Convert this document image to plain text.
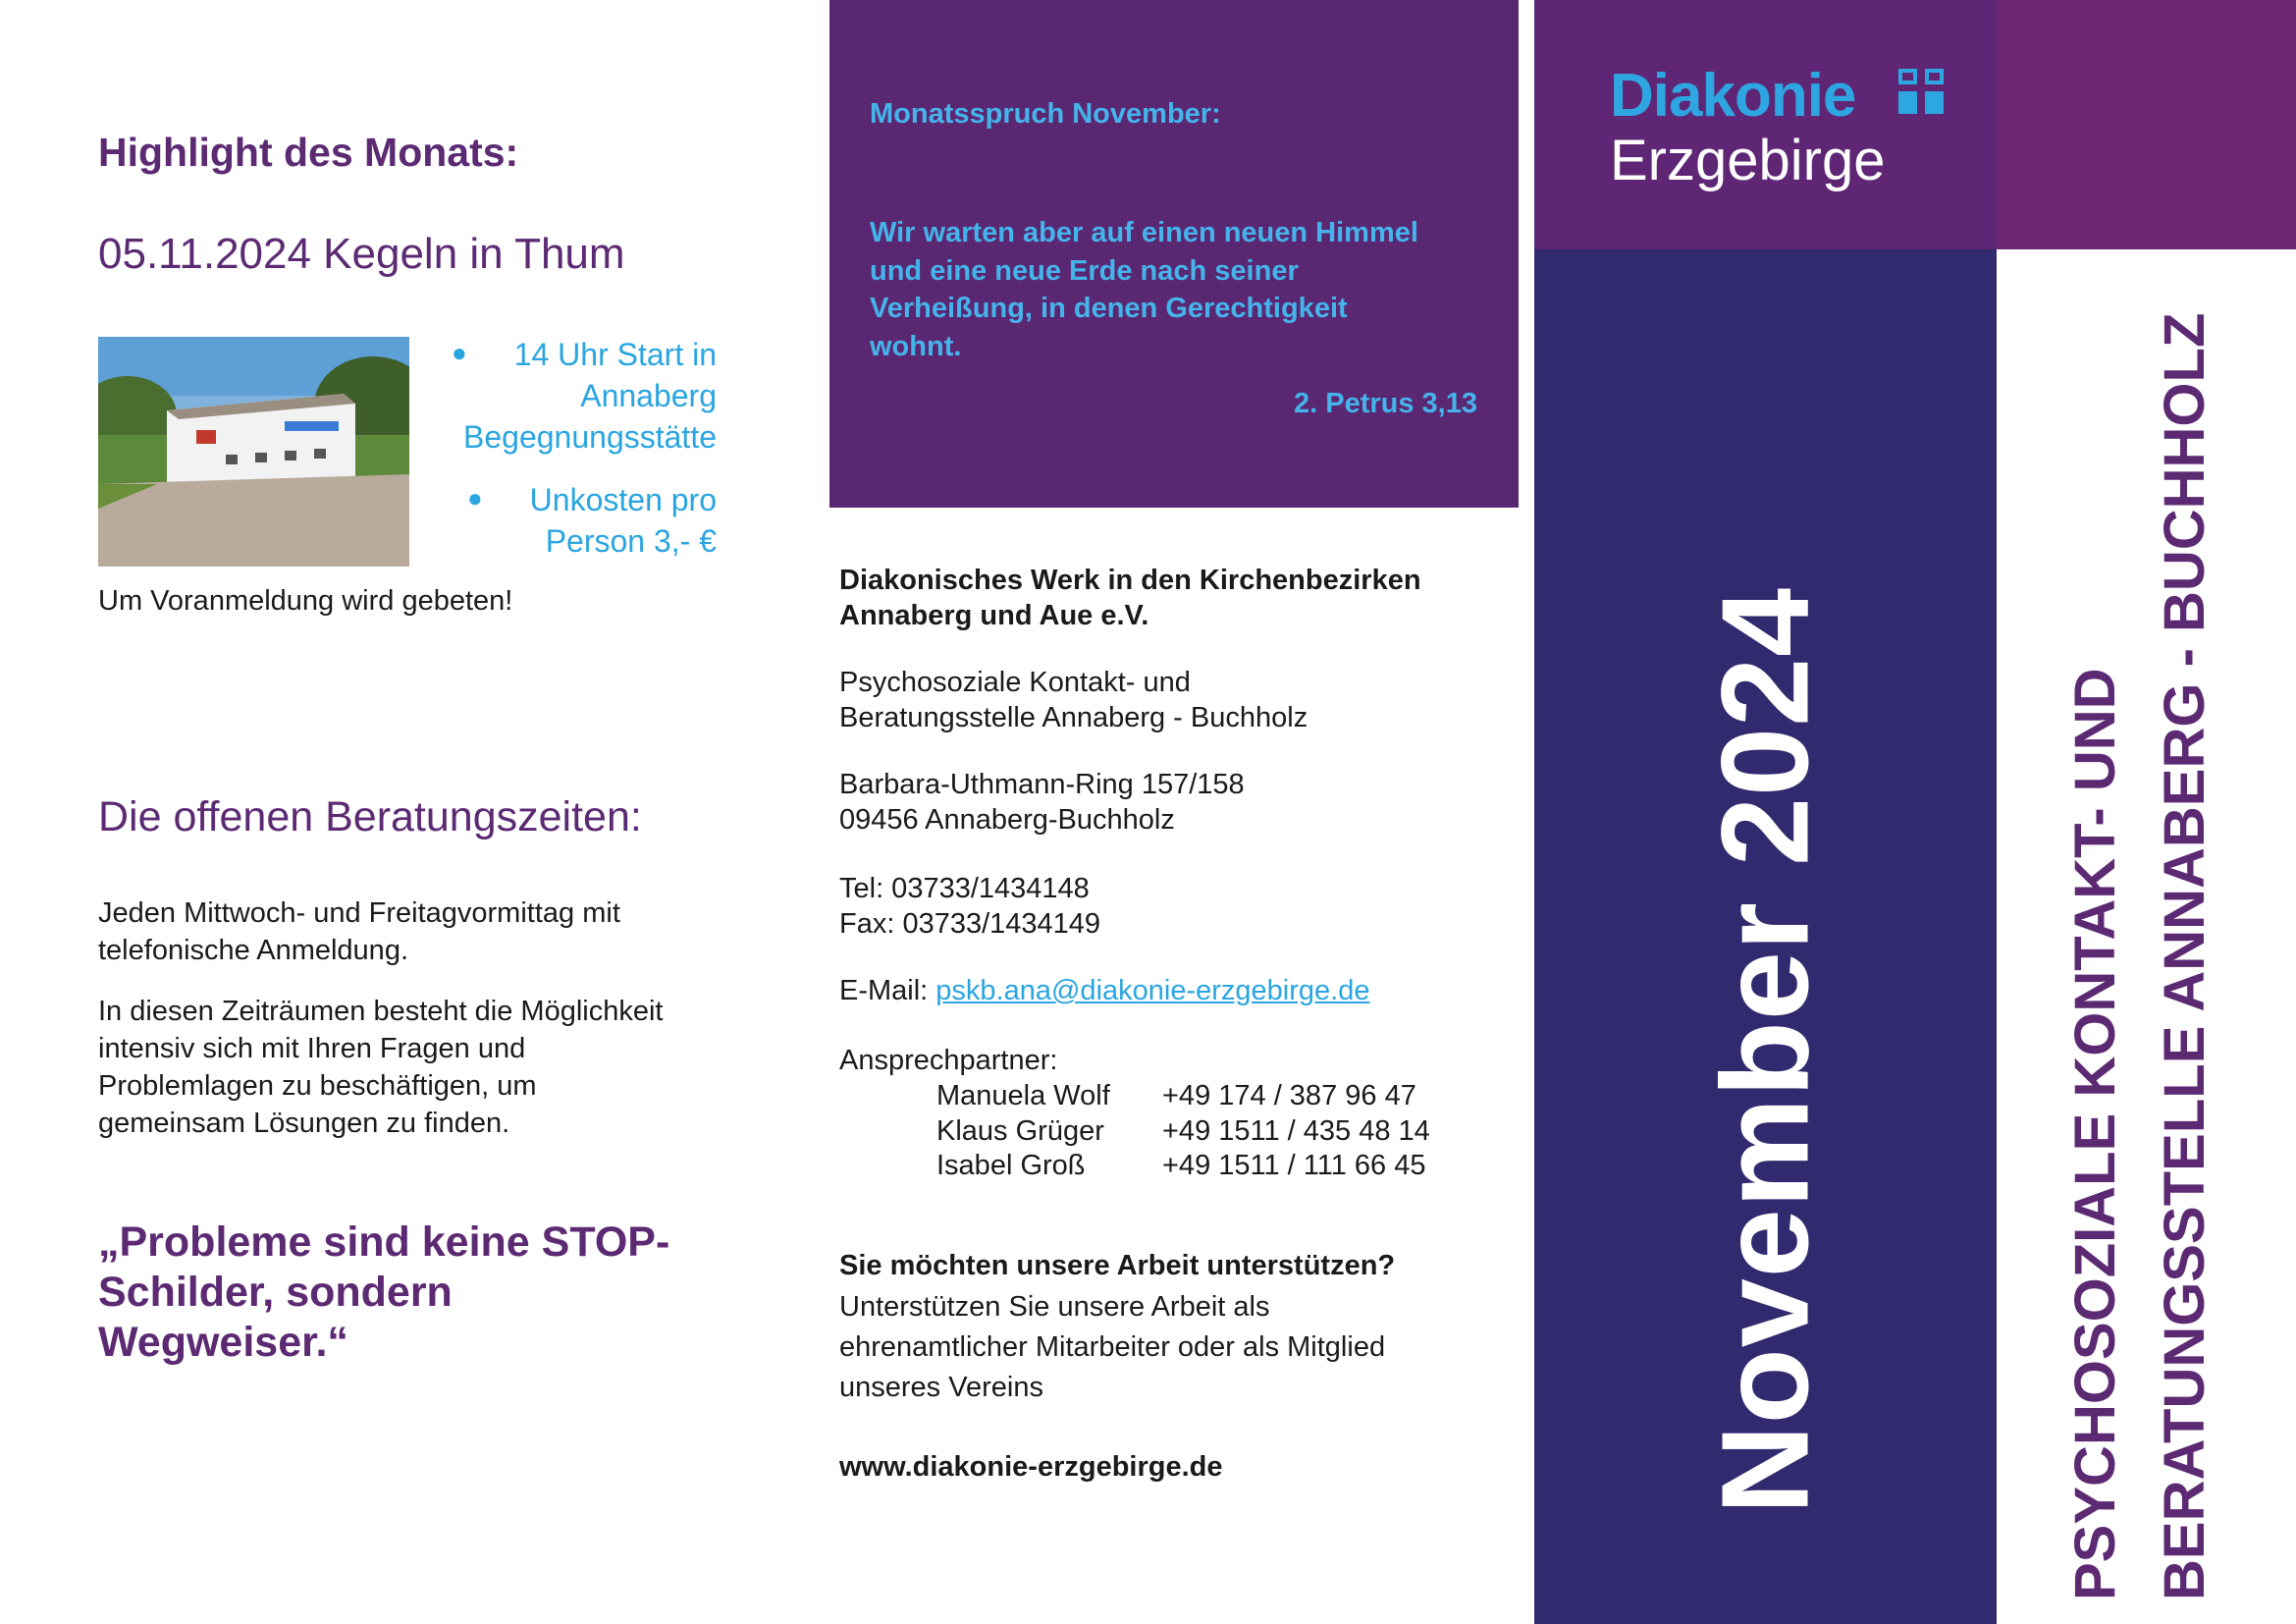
Highlight des Monats:
05.11.2024 Kegeln in Thum
●	14 Uhr Start in
Annaberg
Begegnungsstätte
●	Unkosten pro
Person 3,- €
Um Voranmeldung wird gebeten!
Die offenen Beratungszeiten:
Jeden Mittwoch- und Freitagvormittag mit
telefonische Anmeldung.
In diesen Zeiträumen besteht die Möglichkeit
intensiv sich mit Ihren Fragen und
Problemlagen zu beschäftigen, um
gemeinsam Lösungen zu finden.
„Probleme sind keine STOP-
Schilder, sondern
Wegweiser.“
Monatsspruch November:
Wir warten aber auf einen neuen Himmel
und eine neue Erde nach seiner
Verheißung, in denen Gerechtigkeit
wohnt.
2. Petrus 3,13
Diakonisches Werk in den Kirchenbezirken
Annaberg und Aue e.V.
Psychosoziale Kontakt- und
Beratungsstelle Annaberg - Buchholz
Barbara-Uthmann-Ring 157/158
09456 Annaberg-Buchholz
Tel: 03733/1434148
Fax: 03733/1434149
E-Mail: pskb.ana@diakonie-erzgebirge.de
Ansprechpartner:
Manuela Wolf	+49 174 / 387 96 47
Klaus Grüger	+49 1511 / 435 48 14
Isabel Groß	+49 1511 / 111 66 45
Sie möchten unsere Arbeit unterstützen?
Unterstützen Sie unsere Arbeit als
ehrenamtlicher Mitarbeiter oder als Mitglied
unseres Vereins
www.diakonie-erzgebirge.de
Diakonie
Erzgebirge
November 2024	PSYCHOSOZIALE KONTAKT- UND BERATUNGSSTELLE ANNABERG - BUCHHOLZ
